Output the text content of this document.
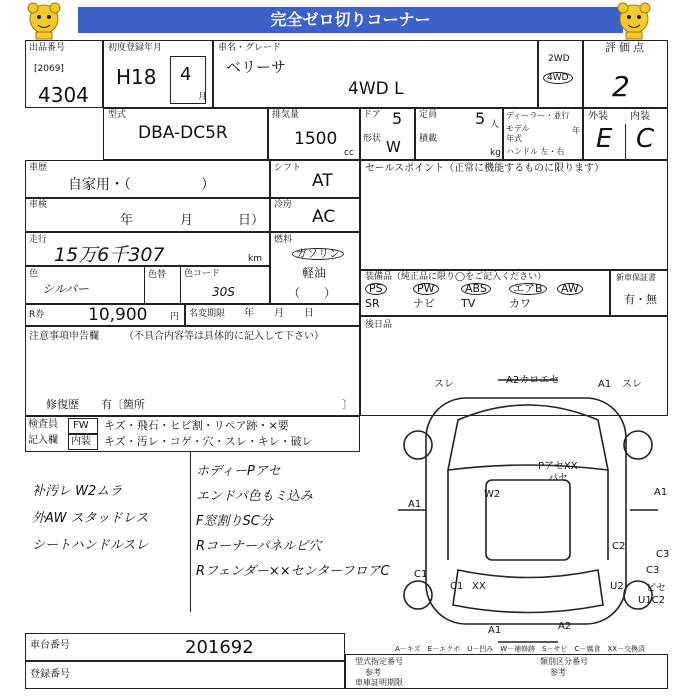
完全ゼロ切りコーナー
出品番号
[2069]
4304
初度登録年月
H18 4
月
車名・グレード
ベリーサ
4WD L
2WD
4WD
評価点
2
型式
DBA-DC5R
排気量
1500
cc
ドア 5
形状 W
定員 5 人
積載
kg
ディーラー・並行
モデル年式
年
ハンドル 左・右
外装 内装
E C
車歴
自家用・（　　　　　）
シフト
AT
車検
年	月	日）
冷房
AC
走行
15万6千307	km
燃料
ガソリン
軽油
（　　）
色
シルバー
色替 色コード
30S
R券	10,900	円 名変期限 年　　月　　日
セールスポイント（正常に機能するものに限ります）
装備品（純正品に限り◯をご記入ください）
PS	PW	ABS	エアB	AW
SR	ナビ TV	カワ
新車保証書
有・無
後日品
注意事項申告欄	（不具合内容等は具体的に記入して下さい）
修復歴　　有〔箇所	〕
検査員
記入欄
FW
内装
キズ・飛石・ヒビ割・リペア跡・×要
キズ・汚レ・コゲ・穴・スレ・キレ・破レ
补汚レ W2ムラ
外AW スタッドレス
シートハンドルスレ
ホディーPアセ
エンドパ色もミ込み
F窓割りSC分
Rコーナーパネルピ穴
Rフェンダー××センターフロアC
スレ	A2カロエセ	A1 スレ
PアセXX
パセ
A1
W2	A1
C2
C1
C3
C3
C1 XX	U2 ピセ
U1C2
A1	A2
A－キズ　E－エクボ　U－凹み　W－補修跡　S－サビ　C－腐食　XX－交換済
車台番号	201692
登録番号
型式指定番号
参考
類別区分番号
参考
車庫証明期限
